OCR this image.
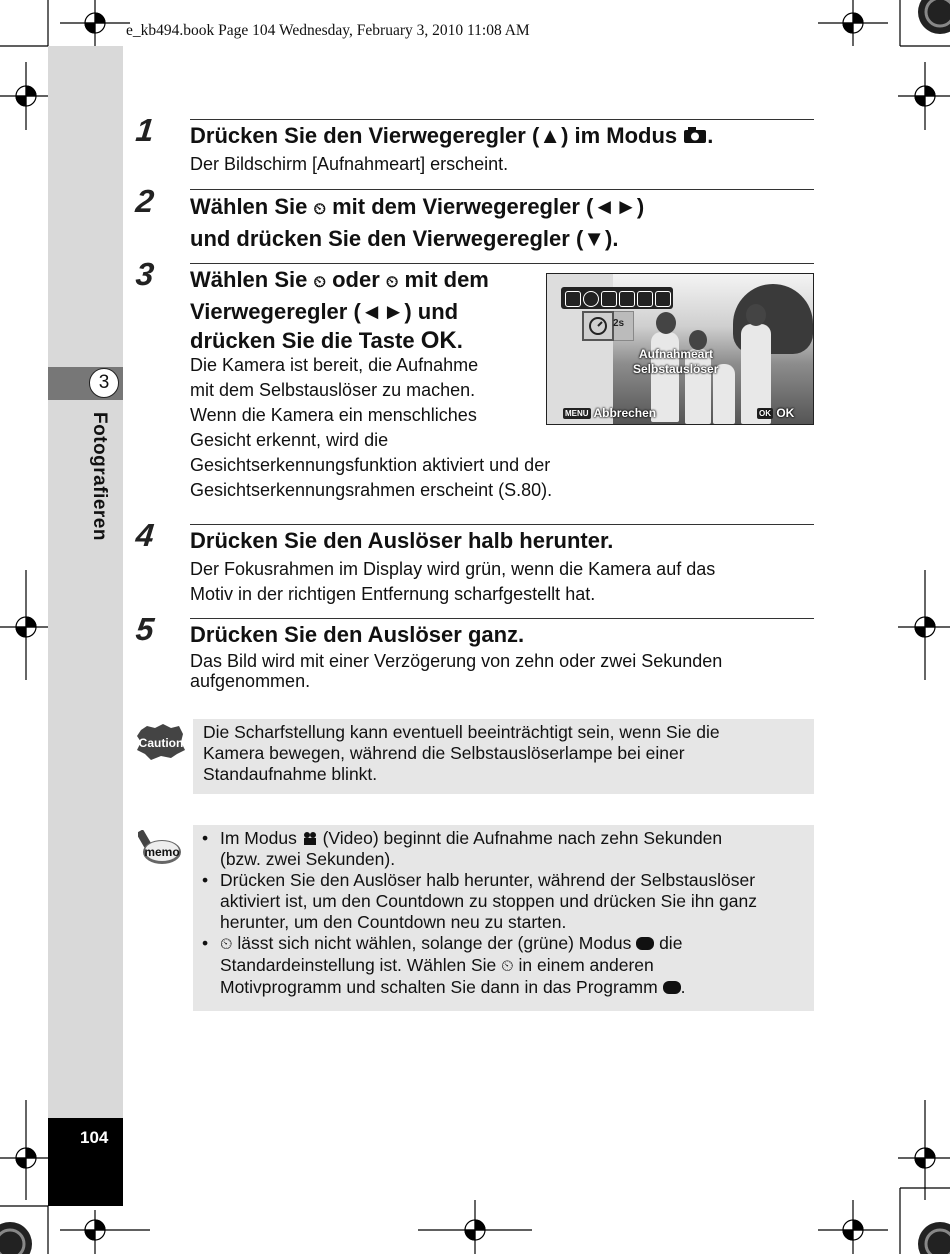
e_kb494.book Page 104 Wednesday, February 3, 2010 11:08 AM
3
Fotografieren
104
1 Drücken Sie den Vierwegeregler (▲) im Modus .
Der Bildschirm [Aufnahmeart] erscheint.
2 Wählen Sie ⏲ mit dem Vierwegeregler (◄►)
und drücken Sie den Vierwegeregler (▼).
3 Wählen Sie ⏲ oder ⏲ mit dem
Vierwegeregler (◄►) und
drücken Sie die Taste OK.
Die Kamera ist bereit, die Aufnahme
mit dem Selbstauslöser zu machen.
Wenn die Kamera ein menschliches
Gesicht erkennt, wird die
Gesichtserkennungsfunktion aktiviert und der
Gesichtserkennungsrahmen erscheint (S.80).
2s
Aufnahmeart
Selbstauslöser
MENU Abbrechen	OK OK
4 Drücken Sie den Auslöser halb herunter.
Der Fokusrahmen im Display wird grün, wenn die Kamera auf das
Motiv in der richtigen Entfernung scharfgestellt hat.
5 Drücken Sie den Auslöser ganz.
Das Bild wird mit einer Verzögerung von zehn oder zwei Sekunden
aufgenommen.
Caution
Die Scharfstellung kann eventuell beeinträchtigt sein, wenn Sie die
Kamera bewegen, während die Selbstauslöserlampe bei einer
Standaufnahme blinkt.
memo
• Im Modus (Video) beginnt die Aufnahme nach zehn Sekunden
(bzw. zwei Sekunden).
• Drücken Sie den Auslöser halb herunter, während der Selbstauslöser
aktiviert ist, um den Countdown zu stoppen und drücken Sie ihn ganz
herunter, um den Countdown neu zu starten.
• ⏲ lässt sich nicht wählen, solange der (grüne) Modus die
Standardeinstellung ist. Wählen Sie ⏲ in einem anderen
Motivprogramm und schalten Sie dann in das Programm .
